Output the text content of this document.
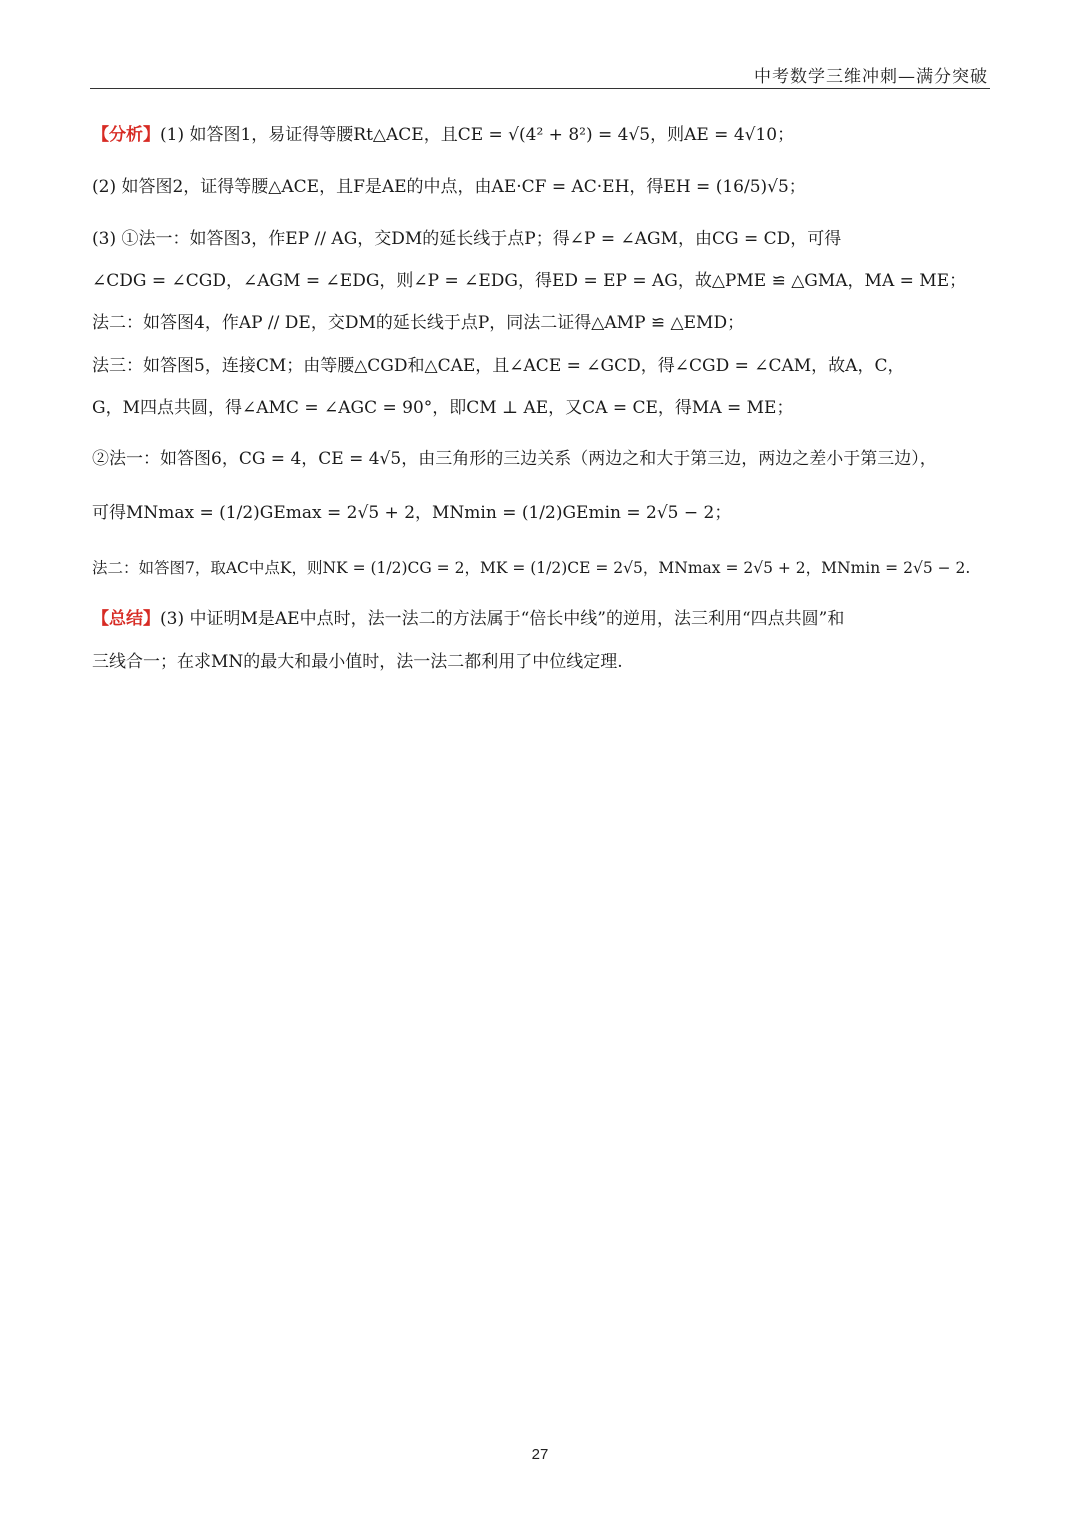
中考数学三维冲刺—满分突破
【分析】(1) 如答图1，易证得等腰Rt△ACE，且CE = √(4² + 8²) = 4√5，则AE = 4√10；
(2) 如答图2，证得等腰△ACE，且F是AE的中点，由AE·CF = AC·EH，得EH = (16/5)√5；
(3) ①法一：如答图3，作EP // AG，交DM的延长线于点P；得∠P = ∠AGM，由CG = CD，可得
∠CDG = ∠CGD，∠AGM = ∠EDG，则∠P = ∠EDG，得ED = EP = AG，故△PME ≌ △GMA，MA = ME；
法二：如答图4，作AP // DE，交DM的延长线于点P，同法二证得△AMP ≌ △EMD；
法三：如答图5，连接CM；由等腰△CGD和△CAE，且∠ACE = ∠GCD，得∠CGD = ∠CAM，故A，C，
G，M四点共圆，得∠AMC = ∠AGC = 90°，即CM ⊥ AE，又CA = CE，得MA = ME；
②法一：如答图6，CG = 4，CE = 4√5，由三角形的三边关系（两边之和大于第三边，两边之差小于第三边），
可得MNmax = (1/2)GEmax = 2√5 + 2，MNmin = (1/2)GEmin = 2√5 − 2；
法二：如答图7，取AC中点K，则NK = (1/2)CG = 2，MK = (1/2)CE = 2√5，MNmax = 2√5 + 2，MNmin = 2√5 − 2.
【总结】(3) 中证明M是AE中点时，法一法二的方法属于“倍长中线”的逆用，法三利用“四点共圆”和
三线合一；在求MN的最大和最小值时，法一法二都利用了中位线定理.
27
